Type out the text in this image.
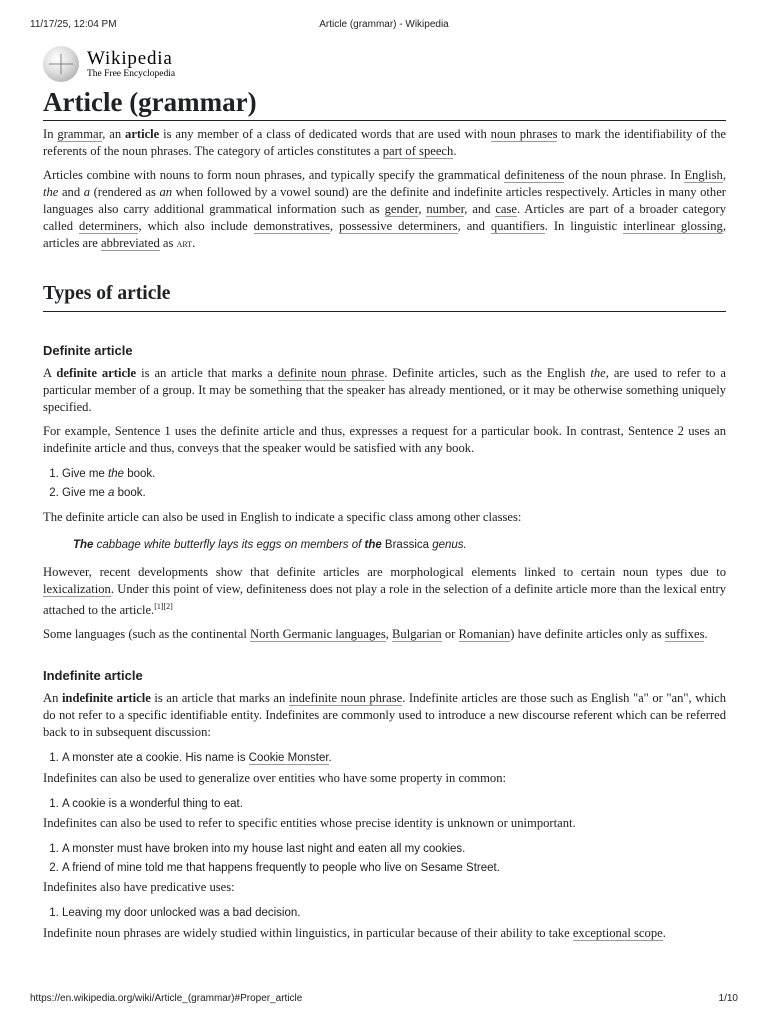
11/17/25, 12:04 PM	Article (grammar) - Wikipedia
Wikipedia
The Free Encyclopedia
Article (grammar)

In grammar, an article is any member of a class of dedicated words that are used with noun phrases to mark the identifiability of the referents of the noun phrases. The category of articles constitutes a part of speech.

Articles combine with nouns to form noun phrases, and typically specify the grammatical definiteness of the noun phrase. In English, the and a (rendered as an when followed by a vowel sound) are the definite and indefinite articles respectively. Articles in many other languages also carry additional grammatical information such as gender, number, and case. Articles are part of a broader category called determiners, which also include demonstratives, possessive determiners, and quantifiers. In linguistic interlinear glossing, articles are abbreviated as art.

Types of article
Definite article

A definite article is an article that marks a definite noun phrase. Definite articles, such as the English the, are used to refer to a particular member of a group. It may be something that the speaker has already mentioned, or it may be otherwise something uniquely specified.

For example, Sentence 1 uses the definite article and thus, expresses a request for a particular book. In contrast, Sentence 2 uses an indefinite article and thus, conveys that the speaker would be satisfied with any book.

1. Give me the book.
2. Give me a book.

The definite article can also be used in English to indicate a specific class among other classes:

The cabbage white butterfly lays its eggs on members of the Brassica genus.

However, recent developments show that definite articles are morphological elements linked to certain noun types due to lexicalization. Under this point of view, definiteness does not play a role in the selection of a definite article more than the lexical entry attached to the article.[1][2]

Some languages (such as the continental North Germanic languages, Bulgarian or Romanian) have definite articles only as suffixes.

Indefinite article

An indefinite article is an article that marks an indefinite noun phrase. Indefinite articles are those such as English "a" or "an", which do not refer to a specific identifiable entity. Indefinites are commonly used to introduce a new discourse referent which can be referred back to in subsequent discussion:

1. A monster ate a cookie. His name is Cookie Monster.

Indefinites can also be used to generalize over entities who have some property in common:

1. A cookie is a wonderful thing to eat.

Indefinites can also be used to refer to specific entities whose precise identity is unknown or unimportant.

1. A monster must have broken into my house last night and eaten all my cookies.
2. A friend of mine told me that happens frequently to people who live on Sesame Street.

Indefinites also have predicative uses:

1. Leaving my door unlocked was a bad decision.

Indefinite noun phrases are widely studied within linguistics, in particular because of their ability to take exceptional scope.

https://en.wikipedia.org/wiki/Article_(grammar)#Proper_article	1/10
